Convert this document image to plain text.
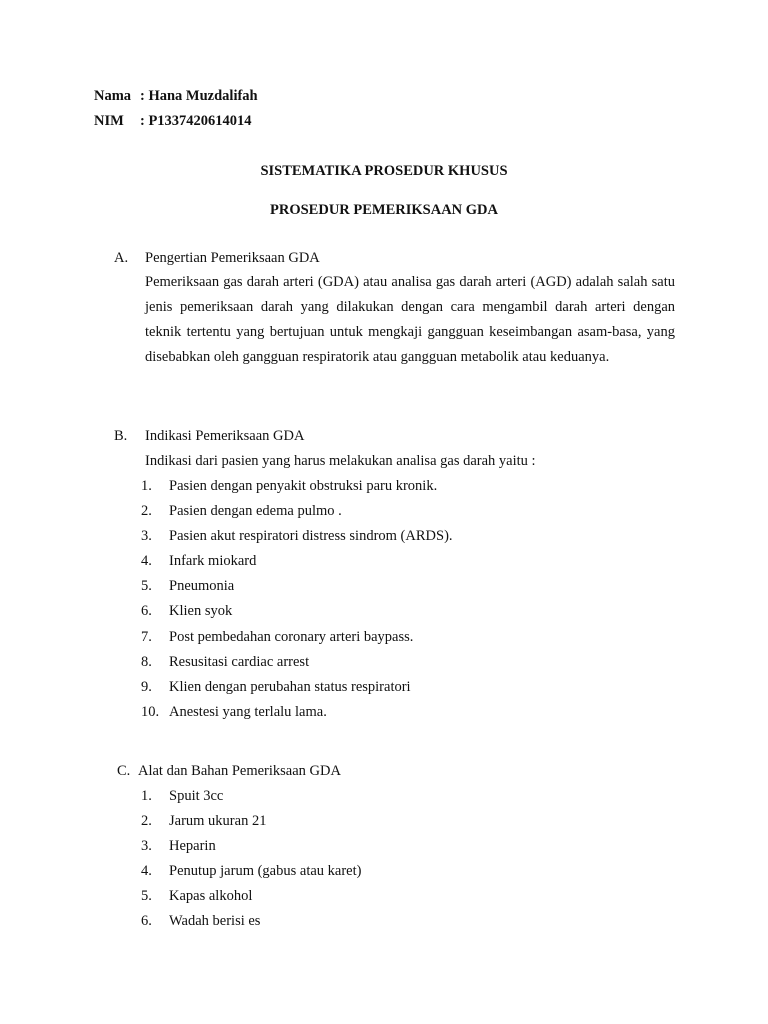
Nama : Hana Muzdalifah
NIM : P1337420614014
SISTEMATIKA PROSEDUR KHUSUS
PROSEDUR PEMERIKSAAN GDA
A. Pengertian Pemeriksaan GDA
Pemeriksaan gas darah arteri (GDA) atau analisa gas darah arteri (AGD) adalah salah satu jenis pemeriksaan darah yang dilakukan dengan cara mengambil darah arteri dengan teknik tertentu yang bertujuan untuk mengkaji gangguan keseimbangan asam-basa, yang disebabkan oleh gangguan respiratorik atau gangguan metabolik atau keduanya.
B. Indikasi Pemeriksaan GDA
Indikasi dari pasien yang harus melakukan analisa gas darah yaitu :
1. Pasien dengan penyakit obstruksi paru kronik.
2. Pasien dengan edema pulmo .
3. Pasien akut respiratori distress sindrom (ARDS).
4. Infark miokard
5. Pneumonia
6. Klien syok
7. Post pembedahan coronary arteri baypass.
8. Resusitasi cardiac arrest
9. Klien dengan perubahan status respiratori
10. Anestesi yang terlalu lama.
C. Alat dan Bahan Pemeriksaan GDA
1. Spuit 3cc
2. Jarum ukuran 21
3. Heparin
4. Penutup jarum (gabus atau karet)
5. Kapas alkohol
6. Wadah berisi es
